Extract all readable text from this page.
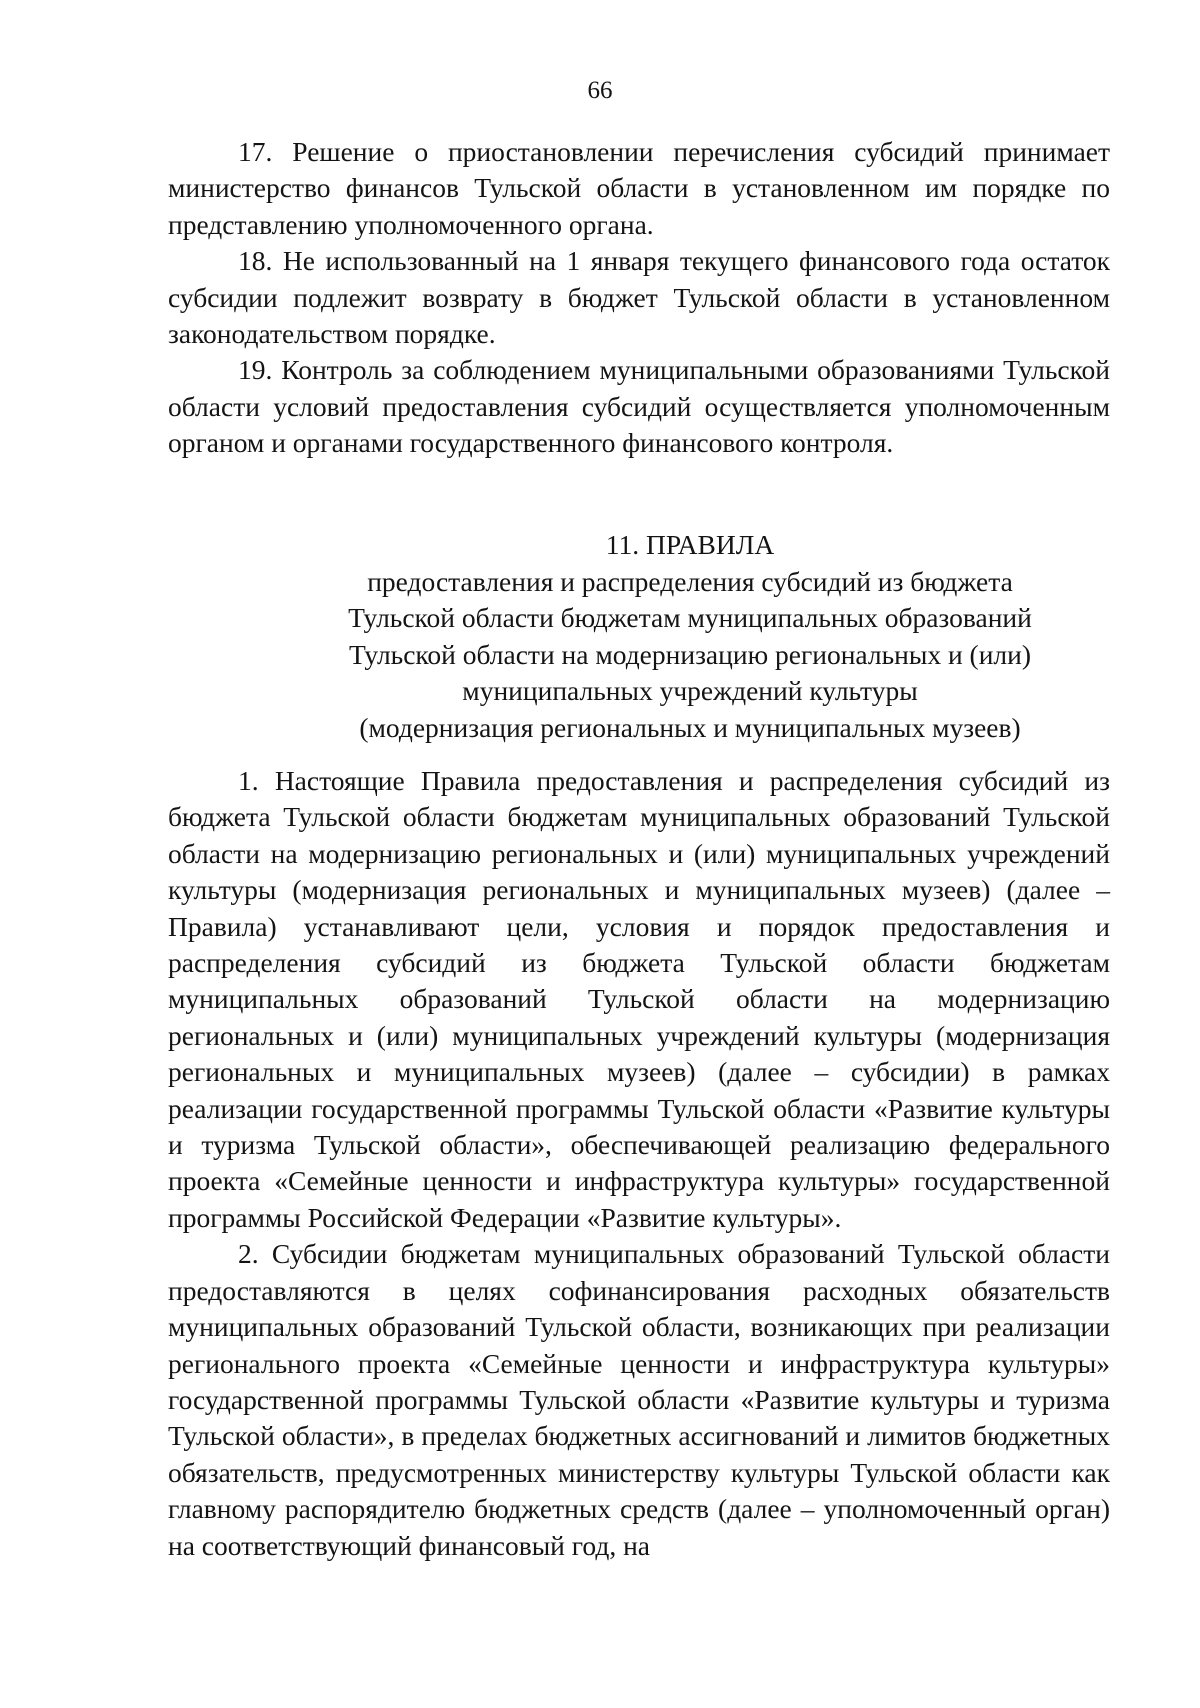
66

17. Решение о приостановлении перечисления субсидий принимает министерство финансов Тульской области в установленном им порядке по представлению уполномоченного органа.

18. Не использованный на 1 января текущего финансового года остаток субсидии подлежит возврату в бюджет Тульской области в установленном законодательством порядке.

19. Контроль за соблюдением муниципальными образованиями Тульской области условий предоставления субсидий осуществляется уполномоченным органом и органами государственного финансового контроля.

11. ПРАВИЛА
предоставления и распределения субсидий из бюджета
Тульской области бюджетам муниципальных образований
Тульской области на модернизацию региональных и (или)
муниципальных учреждений культуры
(модернизация региональных и муниципальных музеев)

1. Настоящие Правила предоставления и распределения субсидий из бюджета Тульской области бюджетам муниципальных образований Тульской области на модернизацию региональных и (или) муниципальных учреждений культуры (модернизация региональных и муниципальных музеев) (далее – Правила) устанавливают цели, условия и порядок предоставления и распределения субсидий из бюджета Тульской области бюджетам муниципальных образований Тульской области на модернизацию региональных и (или) муниципальных учреждений культуры (модернизация региональных и муниципальных музеев) (далее – субсидии) в рамках реализации государственной программы Тульской области «Развитие культуры и туризма Тульской области», обеспечивающей реализацию федерального проекта «Семейные ценности и инфраструктура культуры» государственной программы Российской Федерации «Развитие культуры».

2. Субсидии бюджетам муниципальных образований Тульской области предоставляются в целях софинансирования расходных обязательств муниципальных образований Тульской области, возникающих при реализации регионального проекта «Семейные ценности и инфраструктура культуры» государственной программы Тульской области «Развитие культуры и туризма Тульской области», в пределах бюджетных ассигнований и лимитов бюджетных обязательств, предусмотренных министерству культуры Тульской области как главному распорядителю бюджетных средств (далее – уполномоченный орган) на соответствующий финансовый год, на
